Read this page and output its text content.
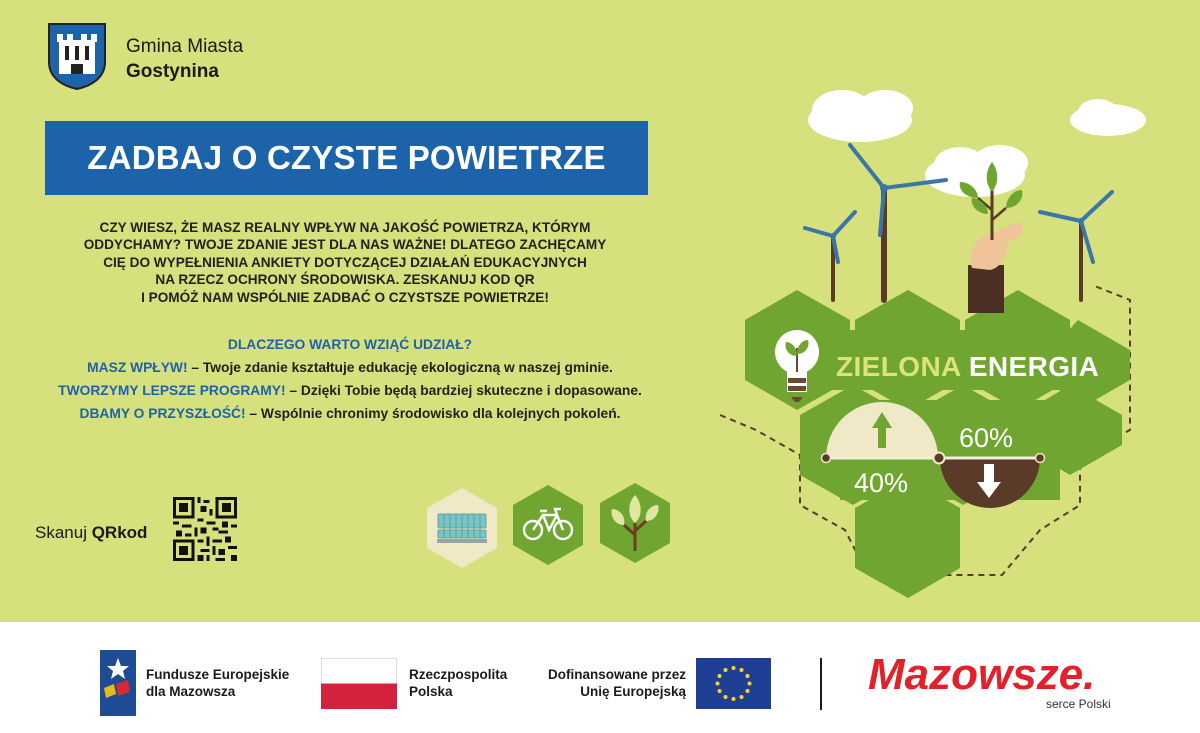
Gmina Miasta
Gostynina
ZADBAJ O CZYSTE POWIETRZE
CZY WIESZ, ŻE MASZ REALNY WPŁYW NA JAKOŚĆ POWIETRZA, KTÓRYM
ODDYCHAMY? TWOJE ZDANIE JEST DLA NAS WAŻNE! DLATEGO ZACHĘCAMY
CIĘ DO WYPEŁNIENIA ANKIETY DOTYCZĄCEJ DZIAŁAŃ EDUKACYJNYCH
NA RZECZ OCHRONY ŚRODOWISKA. ZESKANUJ KOD QR
I POMÓŻ NAM WSPÓLNIE ZADBAĆ O CZYSTSZE POWIETRZE!
DLACZEGO WARTO WZIĄĆ UDZIAŁ?
MASZ WPŁYW! – Twoje zdanie kształtuje edukację ekologiczną w naszej gminie.
TWORZYMY LEPSZE PROGRAMY! – Dzięki Tobie będą bardziej skuteczne i dopasowane.
DBAMY O PRZYSZŁOŚĆ! – Wspólnie chronimy środowisko dla kolejnych pokoleń.
Skanuj QRkod
ZIELONA ENERGIA
60%
40%
Fundusze Europejskie
dla Mazowsza
Rzeczpospolita
Polska
Dofinansowane przez
Unię Europejską	Mazowsze.
serce Polski
